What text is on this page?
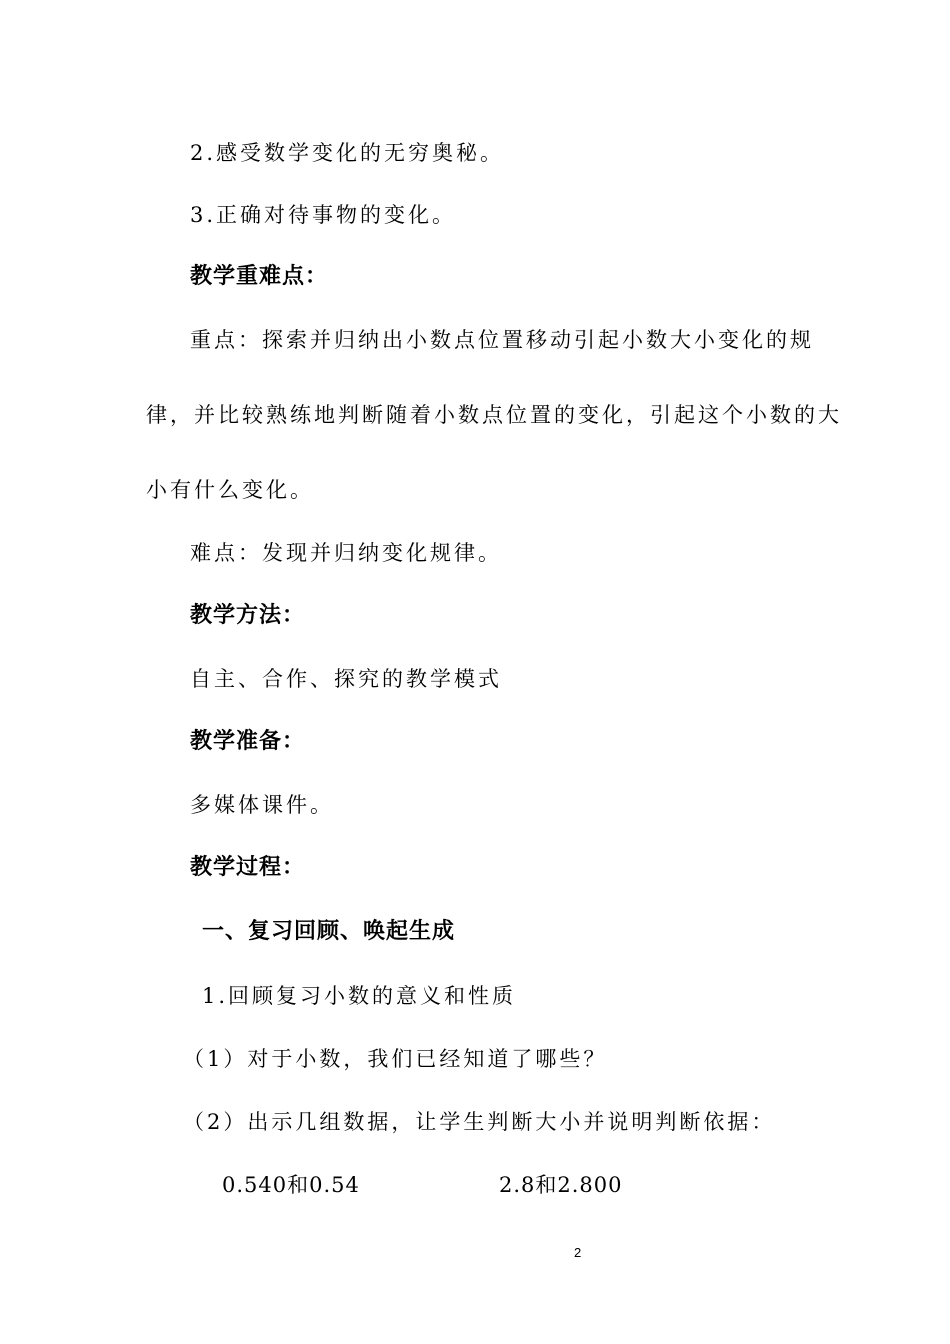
2.感受数学变化的无穷奥秘。
3.正确对待事物的变化。
教学重难点：
重点：探索并归纳出小数点位置移动引起小数大小变化的规
律，并比较熟练地判断随着小数点位置的变化，引起这个小数的大
小有什么变化。
难点：发现并归纳变化规律。
教学方法：
自主、合作、探究的教学模式
教学准备：
多媒体课件。
教学过程：
一、复习回顾、唤起生成
1.回顾复习小数的意义和性质
（1）对于小数，我们已经知道了哪些？
（2）出示几组数据，让学生判断大小并说明判断依据：
0.540和0.54	2.8和2.800
2
